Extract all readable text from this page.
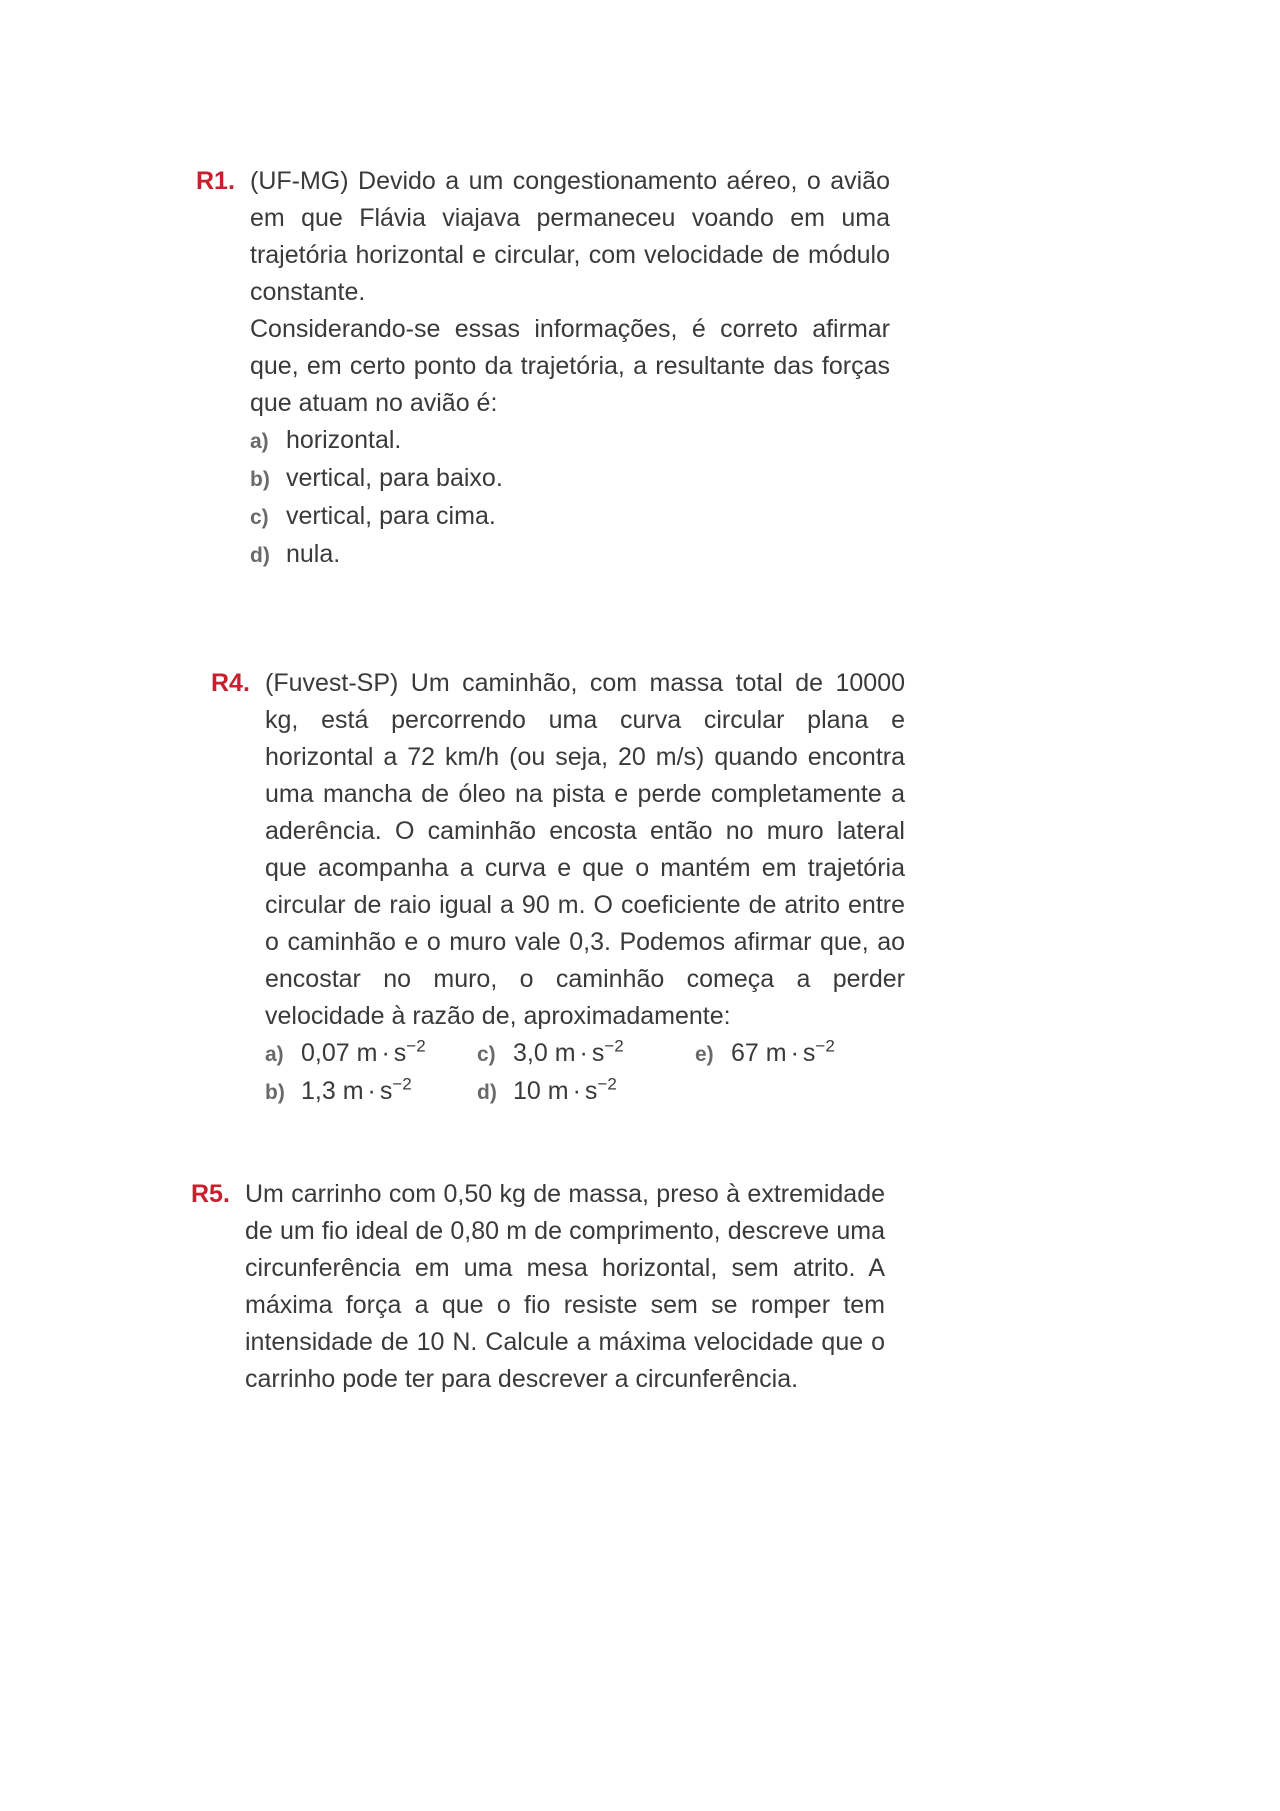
R1. (UF-MG) Devido a um congestionamento aéreo, o avião em que Flávia viajava permaneceu voando em uma trajetória horizontal e circular, com velocidade de módulo constante.
Considerando-se essas informações, é correto afirmar que, em certo ponto da trajetória, a resultante das forças que atuam no avião é:
a) horizontal.
b) vertical, para baixo.
c) vertical, para cima.
d) nula.
R4. (Fuvest-SP) Um caminhão, com massa total de 10000 kg, está percorrendo uma curva circular plana e horizontal a 72 km/h (ou seja, 20 m/s) quando encontra uma mancha de óleo na pista e perde completamente a aderência. O caminhão encosta então no muro lateral que acompanha a curva e que o mantém em trajetória circular de raio igual a 90 m. O coeficiente de atrito entre o caminhão e o muro vale 0,3. Podemos afirmar que, ao encostar no muro, o caminhão começa a perder velocidade à razão de, aproximadamente:
a) 0,07 $m \cdot s^{-2}$	c) 3,0 $m \cdot s^{-2}$	e) 67 $m \cdot s^{-2}$
b) 1,3 $m \cdot s^{-2}$	d) 10 $m \cdot s^{-2}$
R5. Um carrinho com 0,50 kg de massa, preso à extremidade de um fio ideal de 0,80 m de comprimento, descreve uma circunferência em uma mesa horizontal, sem atrito. A máxima força a que o fio resiste sem se romper tem intensidade de 10 N. Calcule a máxima velocidade que o carrinho pode ter para descrever a circunferência.
